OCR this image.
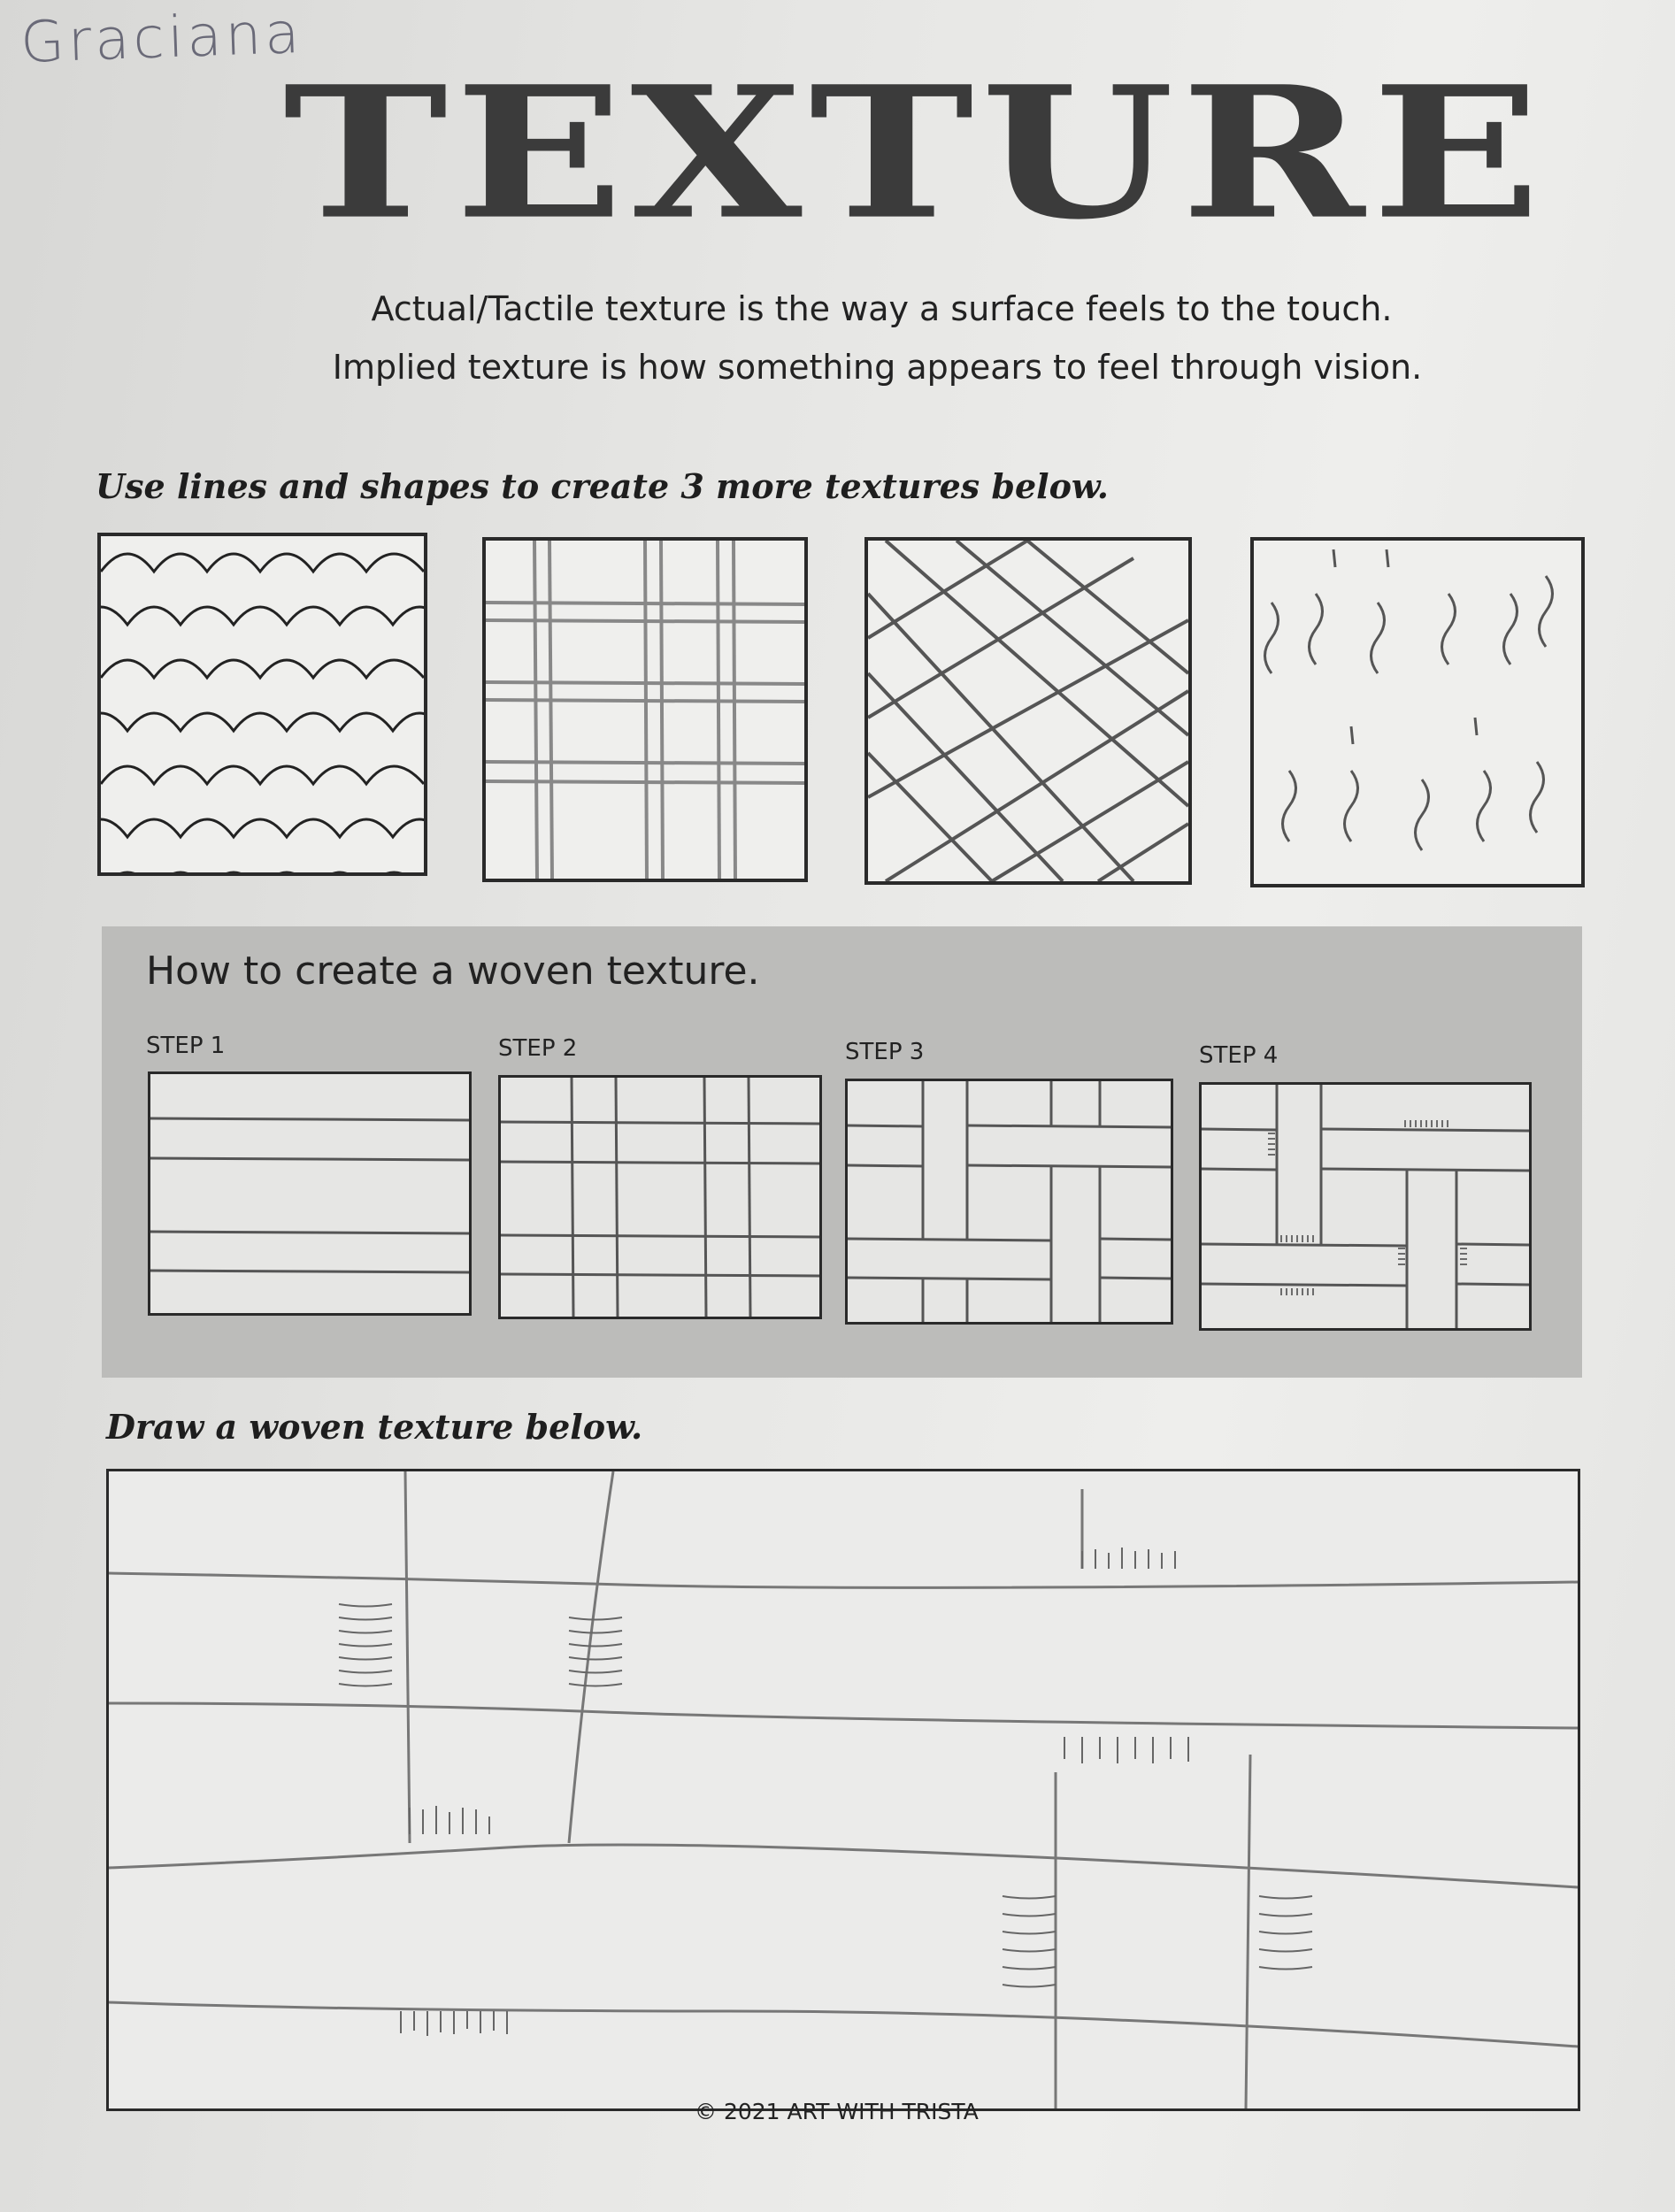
Graciana
TEXTURE
Actual/Tactile texture is the way a surface feels to the touch.
Implied texture is how something appears to feel through vision.
Use lines and shapes to create 3 more textures below.
How to create a woven texture.
STEP 1	STEP 2	STEP 3	STEP 4
Draw a woven texture below.
© 2021 ART WITH TRISTA
